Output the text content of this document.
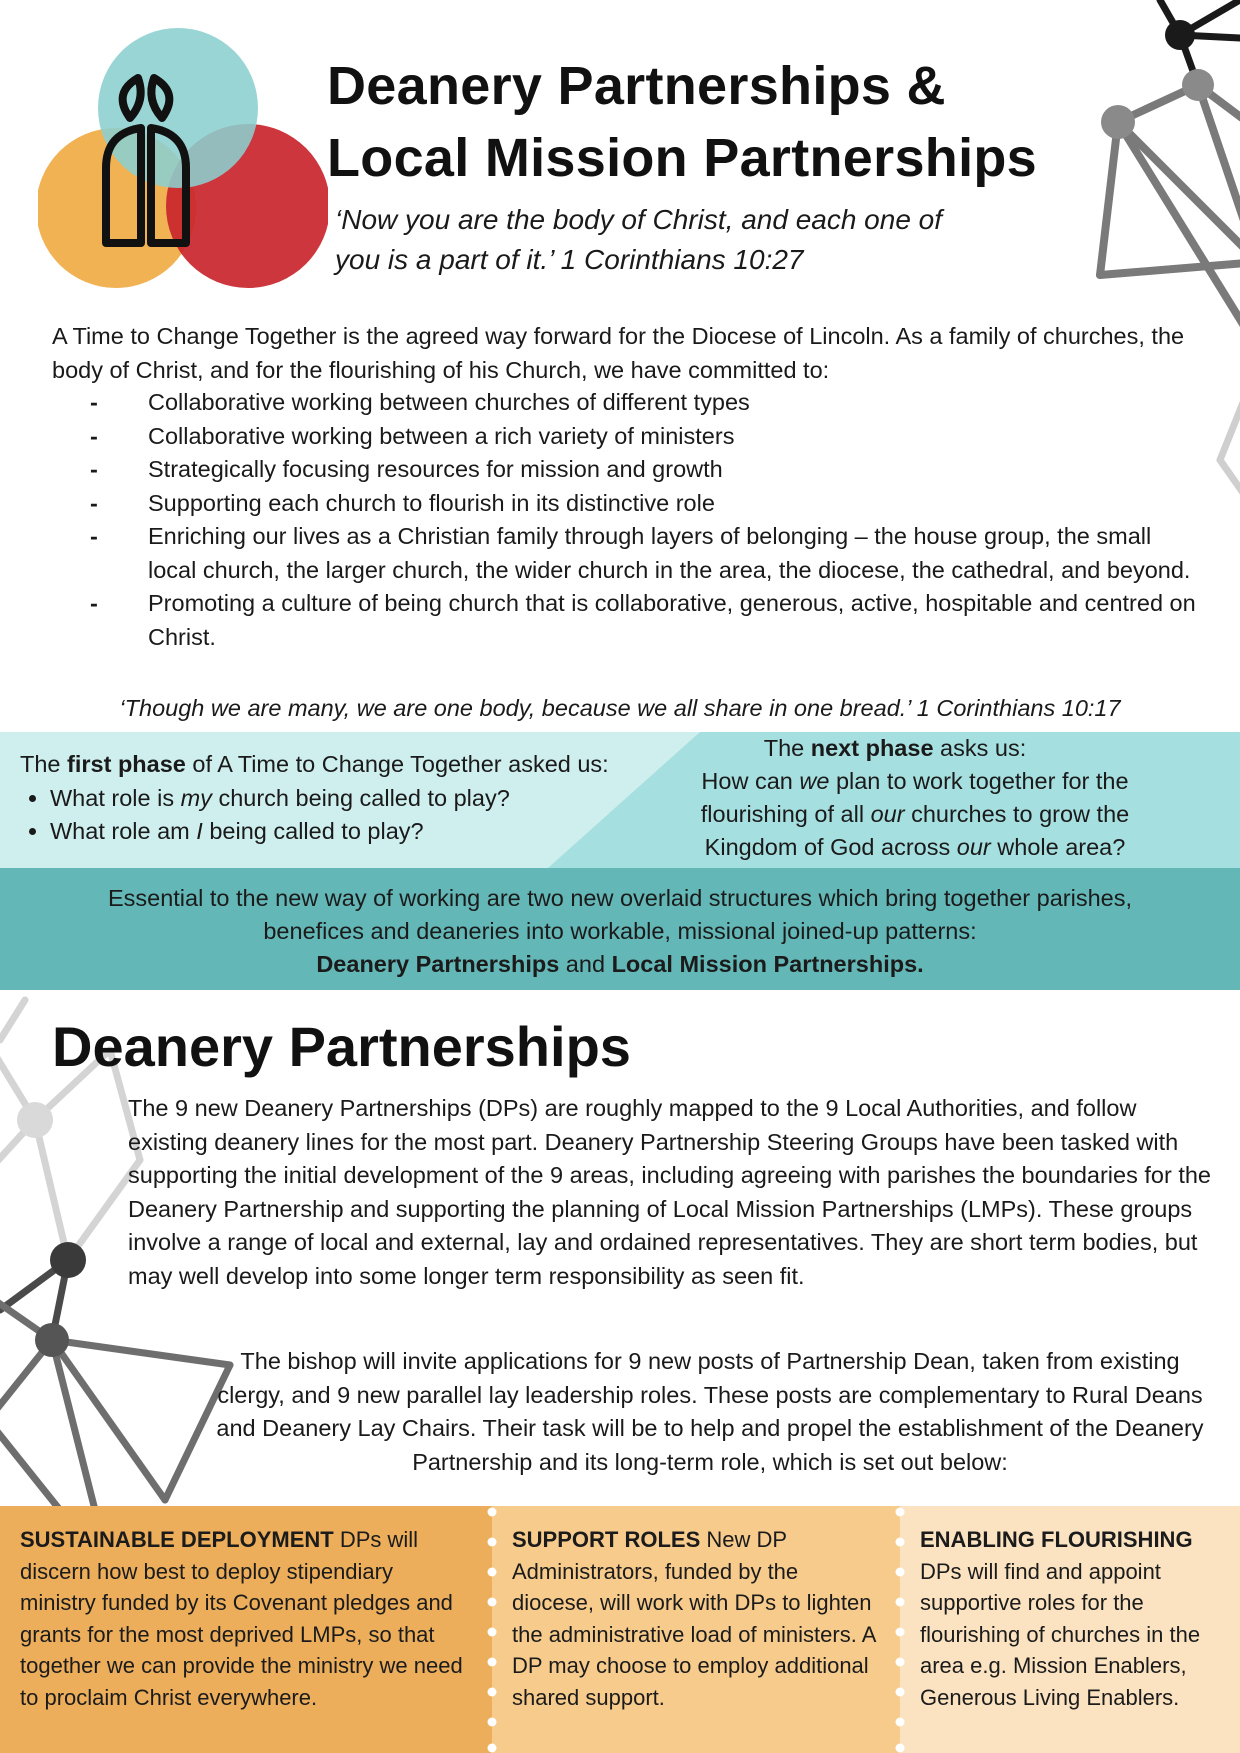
Deanery Partnerships &
Local Mission Partnerships
‘Now you are the body of Christ, and each one of
you is a part of it.’ 1 Corinthians 10:27
A Time to Change Together is the agreed way forward for the Diocese of Lincoln. As a family of churches, the body of Christ, and for the flourishing of his Church, we have committed to:
- Collaborative working between churches of different types
- Collaborative working between a rich variety of ministers
- Strategically focusing resources for mission and growth
- Supporting each church to flourish in its distinctive role
- Enriching our lives as a Christian family through layers of belonging – the house group, the small local church, the larger church, the wider church in the area, the diocese, the cathedral, and beyond.
- Promoting a culture of being church that is collaborative, generous, active, hospitable and centred on Christ.
‘Though we are many, we are one body, because we all share in one bread.’ 1 Corinthians 10:17
The first phase of A Time to Change Together asked us:
• What role is my church being called to play?
• What role am I being called to play?
The next phase asks us:
How can we plan to work together for the
flourishing of all our churches to grow the
Kingdom of God across our whole area?
Essential to the new way of working are two new overlaid structures which bring together parishes,
benefices and deaneries into workable, missional joined-up patterns:
Deanery Partnerships and Local Mission Partnerships.
Deanery Partnerships
The 9 new Deanery Partnerships (DPs) are roughly mapped to the 9 Local Authorities, and follow existing deanery lines for the most part. Deanery Partnership Steering Groups have been tasked with supporting the initial development of the 9 areas, including agreeing with parishes the boundaries for the Deanery Partnership and supporting the planning of Local Mission Partnerships (LMPs). These groups involve a range of local and external, lay and ordained representatives. They are short term bodies, but may well develop into some longer term responsibility as seen fit.
The bishop will invite applications for 9 new posts of Partnership Dean, taken from existing clergy, and 9 new parallel lay leadership roles. These posts are complementary to Rural Deans and Deanery Lay Chairs. Their task will be to help and propel the establishment of the Deanery Partnership and its long-term role, which is set out below:
SUSTAINABLE DEPLOYMENT DPs will discern how best to deploy stipendiary ministry funded by its Covenant pledges and grants for the most deprived LMPs, so that together we can provide the ministry we need to proclaim Christ everywhere.
SUPPORT ROLES New DP Administrators, funded by the diocese, will work with DPs to lighten the administrative load of ministers. A DP may choose to employ additional shared support.
ENABLING FLOURISHING
DPs will find and appoint supportive roles for the flourishing of churches in the area e.g. Mission Enablers, Generous Living Enablers.
